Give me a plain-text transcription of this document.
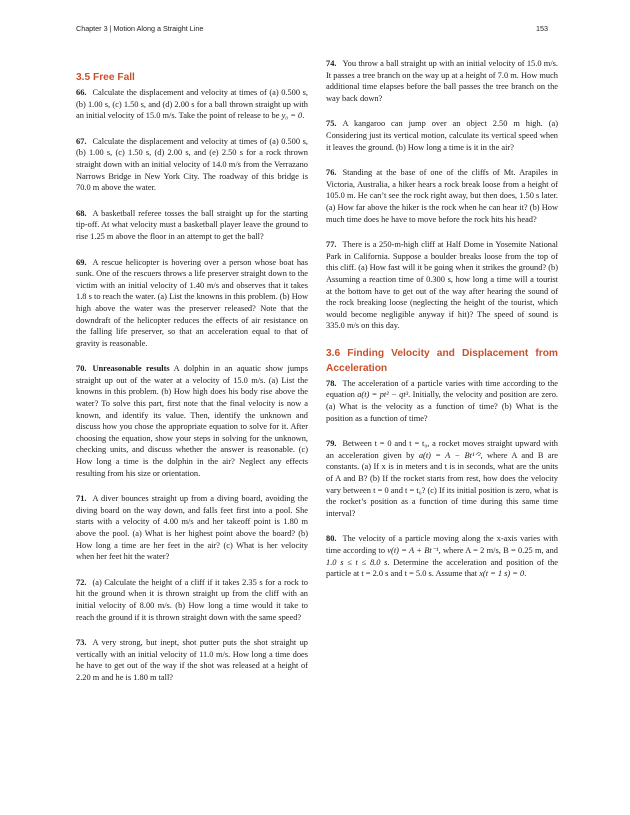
Chapter 3 | Motion Along a Straight Line	153
3.5 Free Fall

66. Calculate the displacement and velocity at times of (a) 0.500 s, (b) 1.00 s, (c) 1.50 s, and (d) 2.00 s for a ball thrown straight up with an initial velocity of 15.0 m/s. Take the point of release to be y₀ = 0.

67. Calculate the displacement and velocity at times of (a) 0.500 s, (b) 1.00 s, (c) 1.50 s, (d) 2.00 s, and (e) 2.50 s for a rock thrown straight down with an initial velocity of 14.0 m/s from the Verrazano Narrows Bridge in New York City. The roadway of this bridge is 70.0 m above the water.

68. A basketball referee tosses the ball straight up for the starting tip-off. At what velocity must a basketball player leave the ground to rise 1.25 m above the floor in an attempt to get the ball?

69. A rescue helicopter is hovering over a person whose boat has sunk. One of the rescuers throws a life preserver straight down to the victim with an initial velocity of 1.40 m/s and observes that it takes 1.8 s to reach the water. (a) List the knowns in this problem. (b) How high above the water was the preserver released? Note that the downdraft of the helicopter reduces the effects of air resistance on the falling life preserver, so that an acceleration equal to that of gravity is reasonable.

70. Unreasonable results A dolphin in an aquatic show jumps straight up out of the water at a velocity of 15.0 m/s. (a) List the knowns in this problem. (b) How high does his body rise above the water? To solve this part, first note that the final velocity is now a known, and identify its value. Then, identify the unknown and discuss how you chose the appropriate equation to solve for it. After choosing the equation, show your steps in solving for the unknown, checking units, and discuss whether the answer is reasonable. (c) How long a time is the dolphin in the air? Neglect any effects resulting from his size or orientation.

71. A diver bounces straight up from a diving board, avoiding the diving board on the way down, and falls feet first into a pool. She starts with a velocity of 4.00 m/s and her takeoff point is 1.80 m above the pool. (a) What is her highest point above the board? (b) How long a time are her feet in the air? (c) What is her velocity when her feet hit the water?

72. (a) Calculate the height of a cliff if it takes 2.35 s for a rock to hit the ground when it is thrown straight up from the cliff with an initial velocity of 8.00 m/s. (b) How long a time would it take to reach the ground if it is thrown straight down with the same speed?

73. A very strong, but inept, shot putter puts the shot straight up vertically with an initial velocity of 11.0 m/s. How long a time does he have to get out of the way if the shot was released at a height of 2.20 m and he is 1.80 m tall?

74. You throw a ball straight up with an initial velocity of 15.0 m/s. It passes a tree branch on the way up at a height of 7.0 m. How much additional time elapses before the ball passes the tree branch on the way back down?

75. A kangaroo can jump over an object 2.50 m high. (a) Considering just its vertical motion, calculate its vertical speed when it leaves the ground. (b) How long a time is it in the air?

76. Standing at the base of one of the cliffs of Mt. Arapiles in Victoria, Australia, a hiker hears a rock break loose from a height of 105.0 m. He can’t see the rock right away, but then does, 1.50 s later. (a) How far above the hiker is the rock when he can hear it? (b) How much time does he have to move before the rock hits his head?

77. There is a 250-m-high cliff at Half Dome in Yosemite National Park in California. Suppose a boulder breaks loose from the top of this cliff. (a) How fast will it be going when it strikes the ground? (b) Assuming a reaction time of 0.300 s, how long a time will a tourist at the bottom have to get out of the way after hearing the sound of the rock breaking loose (neglecting the height of the tourist, which would become negligible anyway if hit)? The speed of sound is 335.0 m/s on this day.

3.6 Finding Velocity and Displacement from Acceleration

78. The acceleration of a particle varies with time according to the equation a(t) = pt² − qt³. Initially, the velocity and position are zero. (a) What is the velocity as a function of time? (b) What is the position as a function of time?

79. Between t = 0 and t = t₀, a rocket moves straight upward with an acceleration given by a(t) = A − Bt¹ᐟ², where A and B are constants. (a) If x is in meters and t is in seconds, what are the units of A and B? (b) If the rocket starts from rest, how does the velocity vary between t = 0 and t = t₀? (c) If its initial position is zero, what is the rocket’s position as a function of time during this same time interval?

80. The velocity of a particle moving along the x-axis varies with time according to v(t) = A + Bt⁻¹, where A = 2 m/s, B = 0.25 m, and 1.0 s ≤ t ≤ 8.0 s. Determine the acceleration and position of the particle at t = 2.0 s and t = 5.0 s. Assume that x(t = 1 s) = 0.
